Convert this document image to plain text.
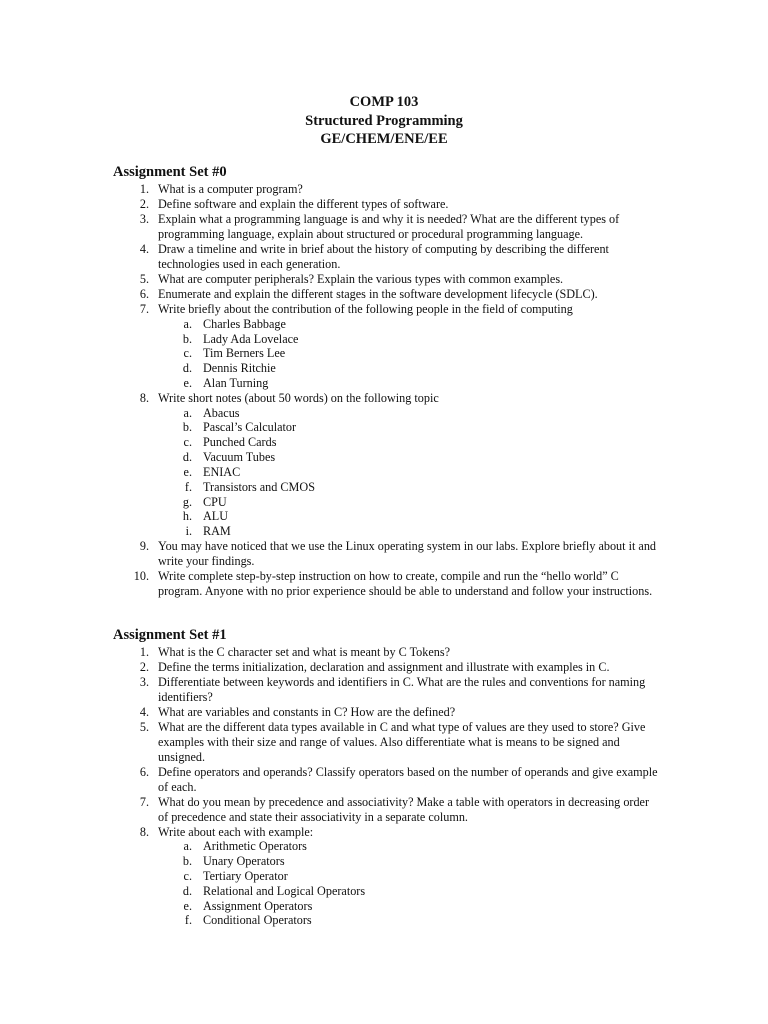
COMP 103
Structured Programming
GE/CHEM/ENE/EE
Assignment Set #0
1. What is a computer program?
2. Define software and explain the different types of software.
3. Explain what a programming language is and why it is needed? What are the different types of programming language, explain about structured or procedural programming language.
4. Draw a timeline and write in brief about the history of computing by describing the different technologies used in each generation.
5. What are computer peripherals? Explain the various types with common examples.
6. Enumerate and explain the different stages in the software development lifecycle (SDLC).
7. Write briefly about the contribution of the following people in the field of computing
a. Charles Babbage
b. Lady Ada Lovelace
c. Tim Berners Lee
d. Dennis Ritchie
e. Alan Turning
8. Write short notes (about 50 words) on the following topic
a. Abacus
b. Pascal’s Calculator
c. Punched Cards
d. Vacuum Tubes
e. ENIAC
f. Transistors and CMOS
g. CPU
h. ALU
i. RAM
9. You may have noticed that we use the Linux operating system in our labs. Explore briefly about it and write your findings.
10. Write complete step-by-step instruction on how to create, compile and run the “hello world” C program. Anyone with no prior experience should be able to understand and follow your instructions.
Assignment Set #1
1. What is the C character set and what is meant by C Tokens?
2. Define the terms initialization, declaration and assignment and illustrate with examples in C.
3. Differentiate between keywords and identifiers in C. What are the rules and conventions for naming identifiers?
4. What are variables and constants in C? How are the defined?
5. What are the different data types available in C and what type of values are they used to store? Give examples with their size and range of values. Also differentiate what is means to be signed and unsigned.
6. Define operators and operands? Classify operators based on the number of operands and give example of each.
7. What do you mean by precedence and associativity? Make a table with operators in decreasing order of precedence and state their associativity in a separate column.
8. Write about each with example:
a. Arithmetic Operators
b. Unary Operators
c. Tertiary Operator
d. Relational and Logical Operators
e. Assignment Operators
f. Conditional Operators
